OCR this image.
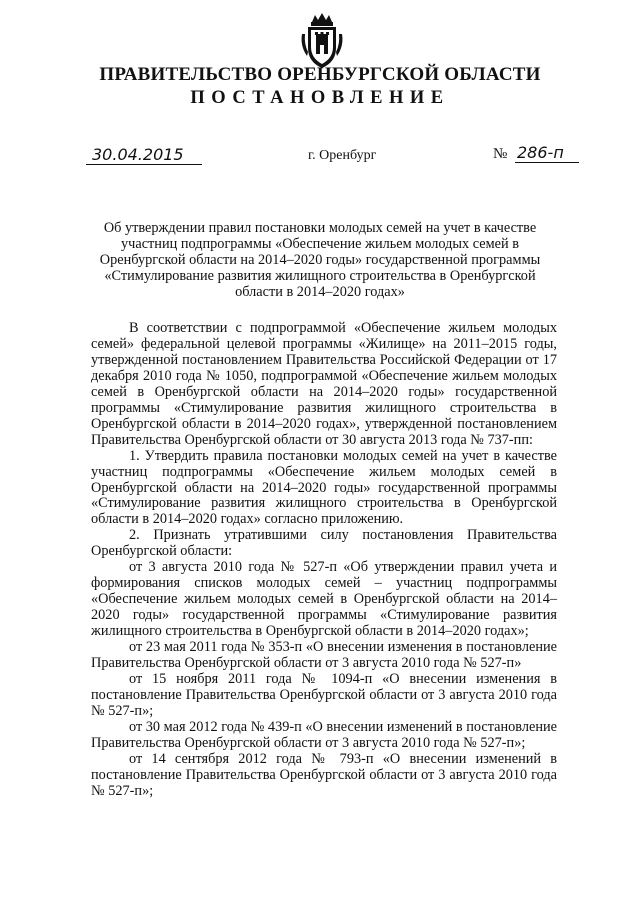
ПРАВИТЕЛЬСТВО ОРЕНБУРГСКОЙ ОБЛАСТИ
ПОСТАНОВЛЕНИЕ
30.04.2015	г. Оренбург	№ 286-п
Об утверждении правил постановки молодых семей на учет в качестве участниц подпрограммы «Обеспечение жильем молодых семей в Оренбургской области на 2014–2020 годы» государственной программы «Стимулирование развития жилищного строительства в Оренбургской области в 2014–2020 годах»

В соответствии с подпрограммой «Обеспечение жильем молодых семей» федеральной целевой программы «Жилище» на 2011–2015 годы, утвержденной постановлением Правительства Российской Федерации от 17 декабря 2010 года № 1050, подпрограммой «Обеспечение жильем молодых семей в Оренбургской области на 2014–2020 годы» государственной программы «Стимулирование развития жилищного строительства в Оренбургской области в 2014–2020 годах», утвержденной постановлением Правительства Оренбургской области от 30 августа 2013 года № 737-пп:

1. Утвердить правила постановки молодых семей на учет в качестве участниц подпрограммы «Обеспечение жильем молодых семей в Оренбургской области на 2014–2020 годы» государственной программы «Стимулирование развития жилищного строительства в Оренбургской области в 2014–2020 годах» согласно приложению.

2. Признать утратившими силу постановления Правительства Оренбургской области:

от 3 августа 2010 года № 527-п «Об утверждении правил учета и формирования списков молодых семей – участниц подпрограммы «Обеспечение жильем молодых семей в Оренбургской области на 2014–2020 годы» государственной программы «Стимулирование развития жилищного строительства в Оренбургской области в 2014–2020 годах»;

от 23 мая 2011 года № 353-п «О внесении изменения в постановление Правительства Оренбургской области от 3 августа 2010 года № 527-п»

от 15 ноября 2011 года № 1094-п «О внесении изменения в постановление Правительства Оренбургской области от 3 августа 2010 года № 527-п»;

от 30 мая 2012 года № 439-п «О внесении изменений в постановление Правительства Оренбургской области от 3 августа 2010 года № 527-п»;

от 14 сентября 2012 года № 793-п «О внесении изменений в постановление Правительства Оренбургской области от 3 августа 2010 года № 527-п»;
